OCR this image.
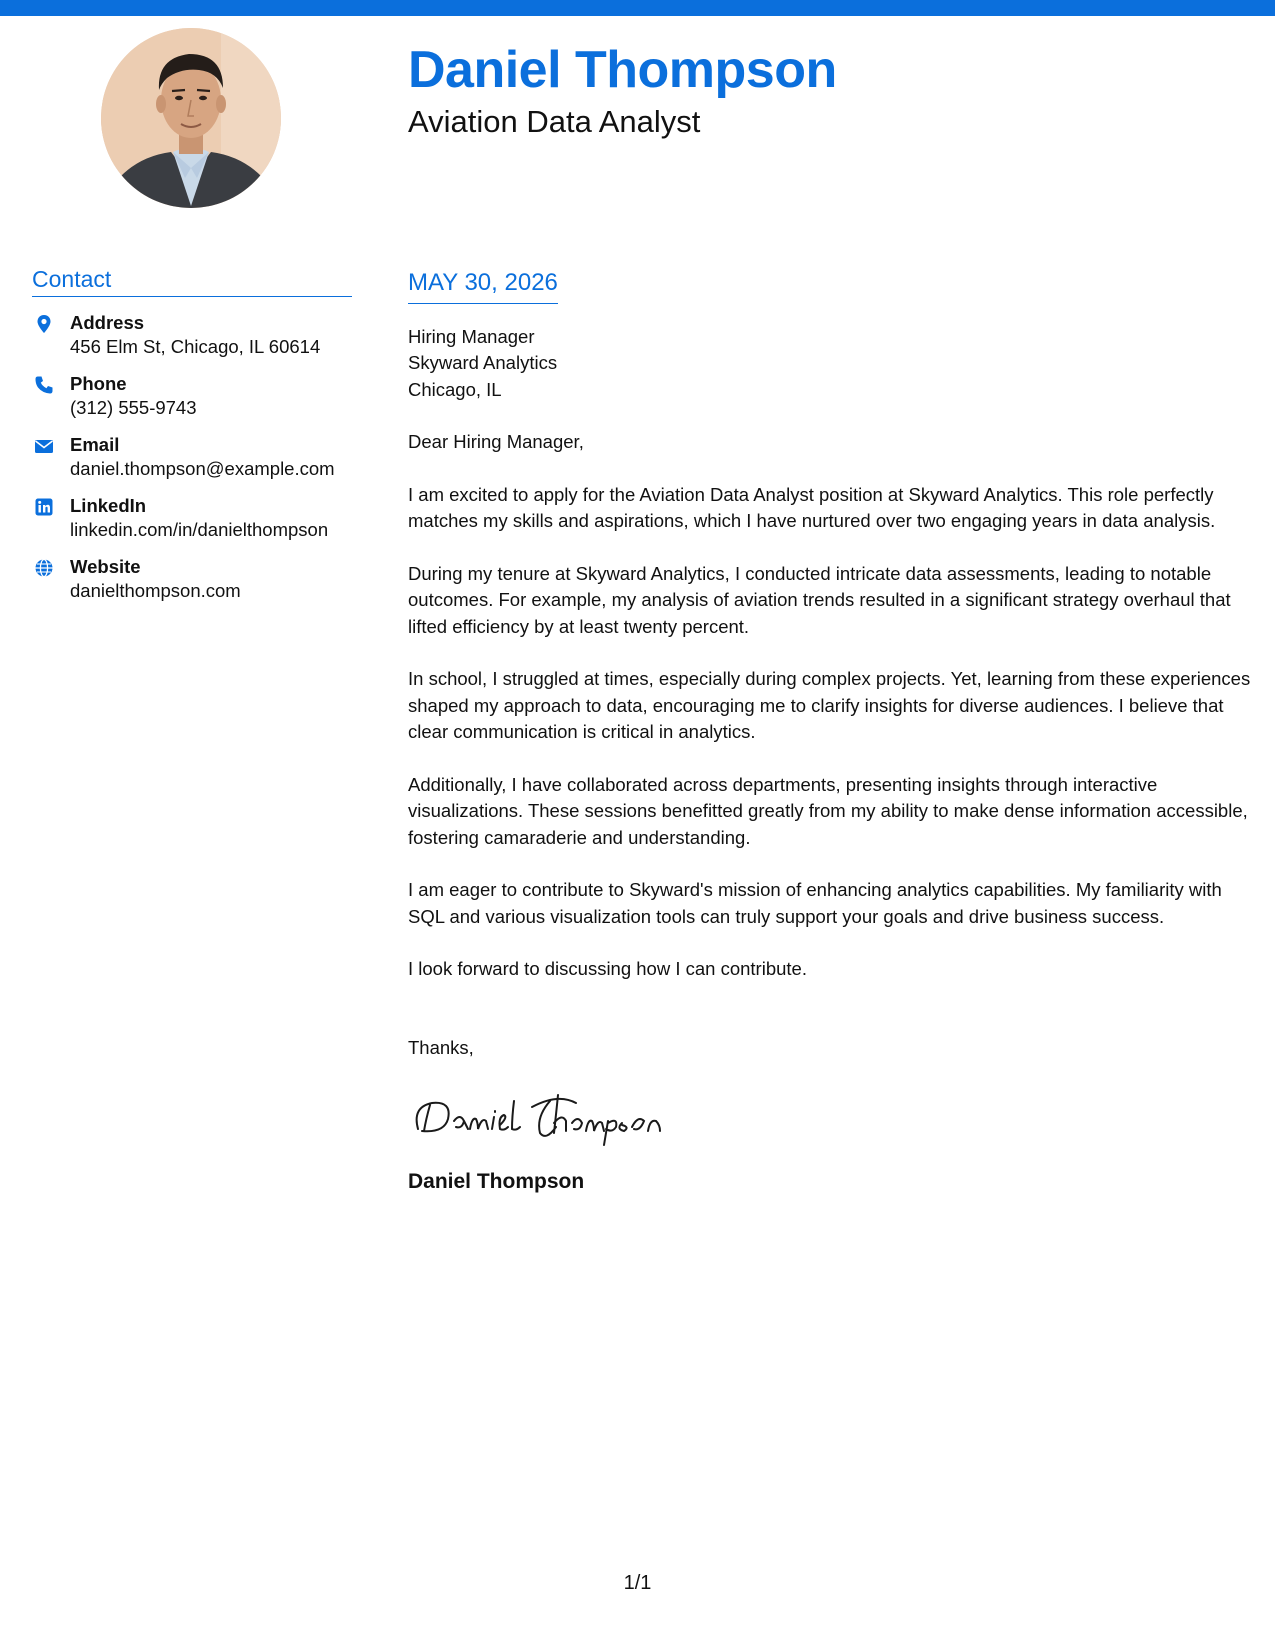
Daniel Thompson
Aviation Data Analyst
Contact
Address
456 Elm St, Chicago, IL 60614
Phone
(312) 555-9743
Email
daniel.thompson@example.com
LinkedIn
linkedin.com/in/danielthompson
Website
danielthompson.com
MAY 30, 2026
Hiring Manager
Skyward Analytics
Chicago, IL
Dear Hiring Manager,
I am excited to apply for the Aviation Data Analyst position at Skyward Analytics. This role perfectly matches my skills and aspirations, which I have nurtured over two engaging years in data analysis.
During my tenure at Skyward Analytics, I conducted intricate data assessments, leading to notable outcomes. For example, my analysis of aviation trends resulted in a significant strategy overhaul that lifted efficiency by at least twenty percent.
In school, I struggled at times, especially during complex projects. Yet, learning from these experiences shaped my approach to data, encouraging me to clarify insights for diverse audiences. I believe that clear communication is critical in analytics.
Additionally, I have collaborated across departments, presenting insights through interactive visualizations. These sessions benefitted greatly from my ability to make dense information accessible, fostering camaraderie and understanding.
I am eager to contribute to Skyward's mission of enhancing analytics capabilities. My familiarity with SQL and various visualization tools can truly support your goals and drive business success.
I look forward to discussing how I can contribute.
Thanks,
Daniel Thompson
1/1
